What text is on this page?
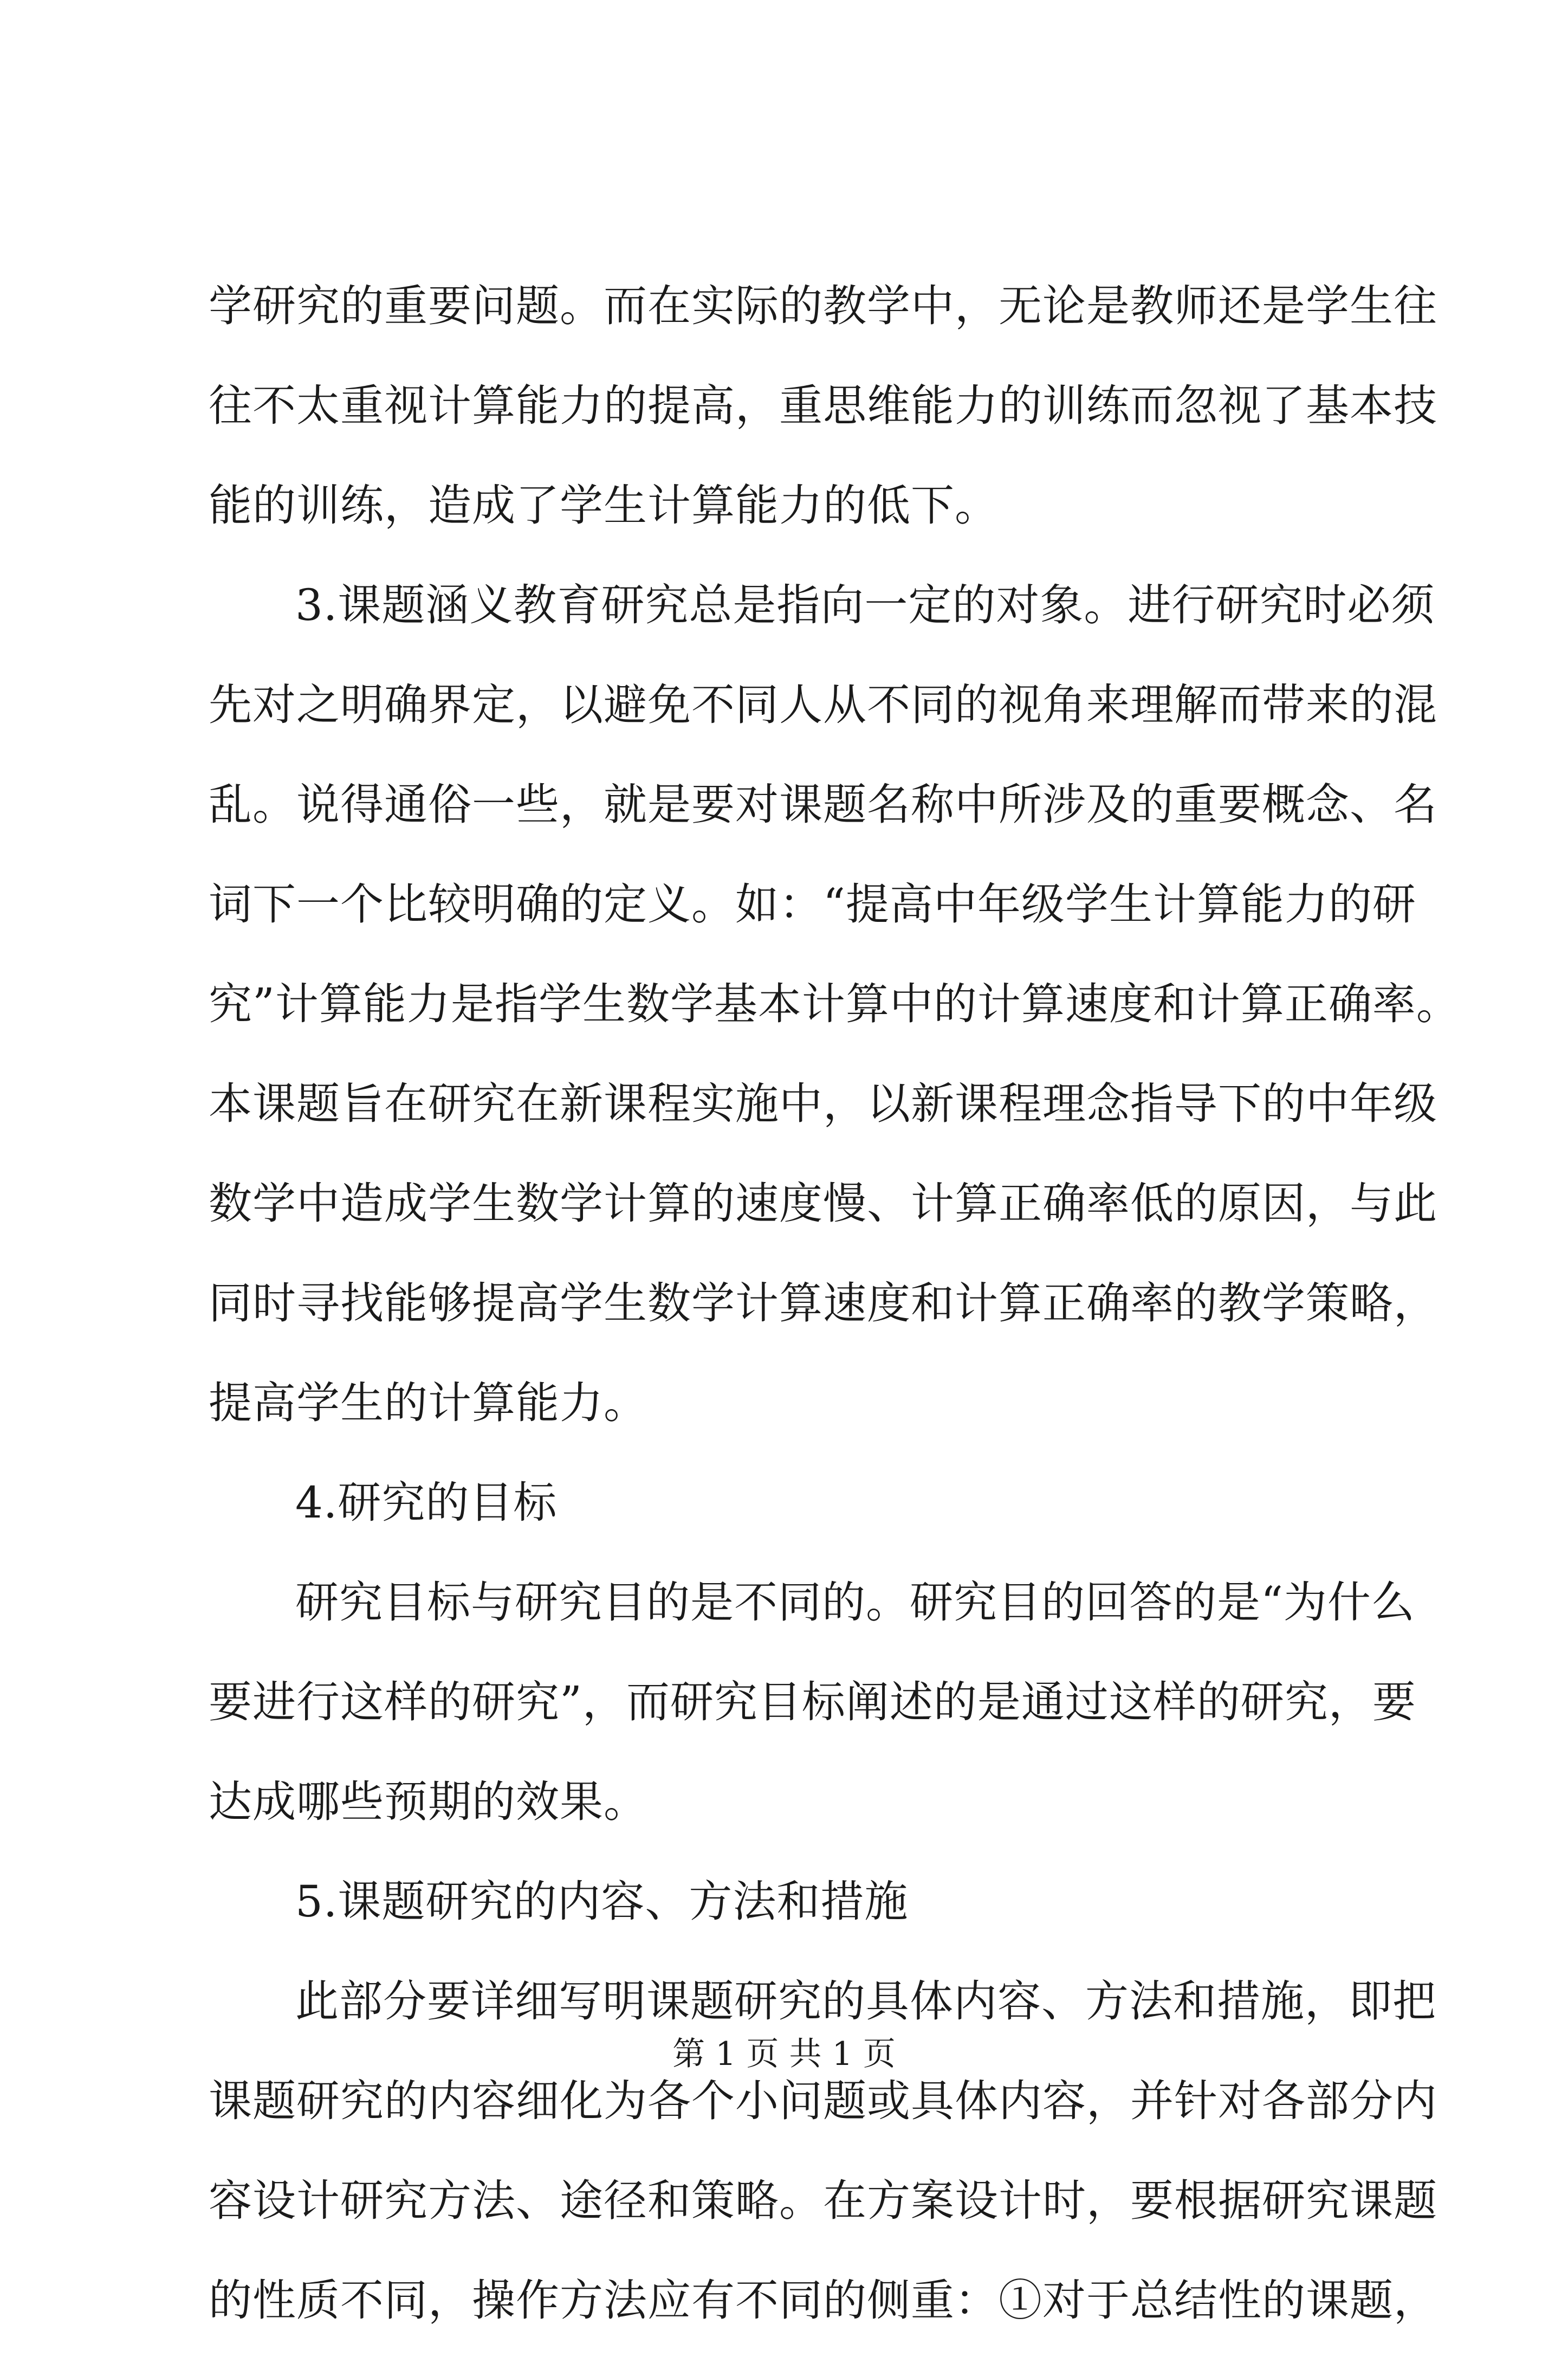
学研究的重要问题。而在实际的教学中，无论是教师还是学生往
往不太重视计算能力的提高，重思维能力的训练而忽视了基本技
能的训练，造成了学生计算能力的低下。
3.课题涵义教育研究总是指向一定的对象。进行研究时必须
先对之明确界定，以避免不同人从不同的视角来理解而带来的混
乱。说得通俗一些，就是要对课题名称中所涉及的重要概念、名
词下一个比较明确的定义。如：“提高中年级学生计算能力的研
究”计算能力是指学生数学基本计算中的计算速度和计算正确率。
本课题旨在研究在新课程实施中，以新课程理念指导下的中年级
数学中造成学生数学计算的速度慢、计算正确率低的原因，与此
同时寻找能够提高学生数学计算速度和计算正确率的教学策略，
提高学生的计算能力。
4.研究的目标
研究目标与研究目的是不同的。研究目的回答的是“为什么
要进行这样的研究”，而研究目标阐述的是通过这样的研究，要
达成哪些预期的效果。
5.课题研究的内容、方法和措施
此部分要详细写明课题研究的具体内容、方法和措施，即把
课题研究的内容细化为各个小问题或具体内容，并针对各部分内
容设计研究方法、途径和策略。在方案设计时，要根据研究课题
的性质不同，操作方法应有不同的侧重：①对于总结性的课题，
第 1 页 共 1 页
